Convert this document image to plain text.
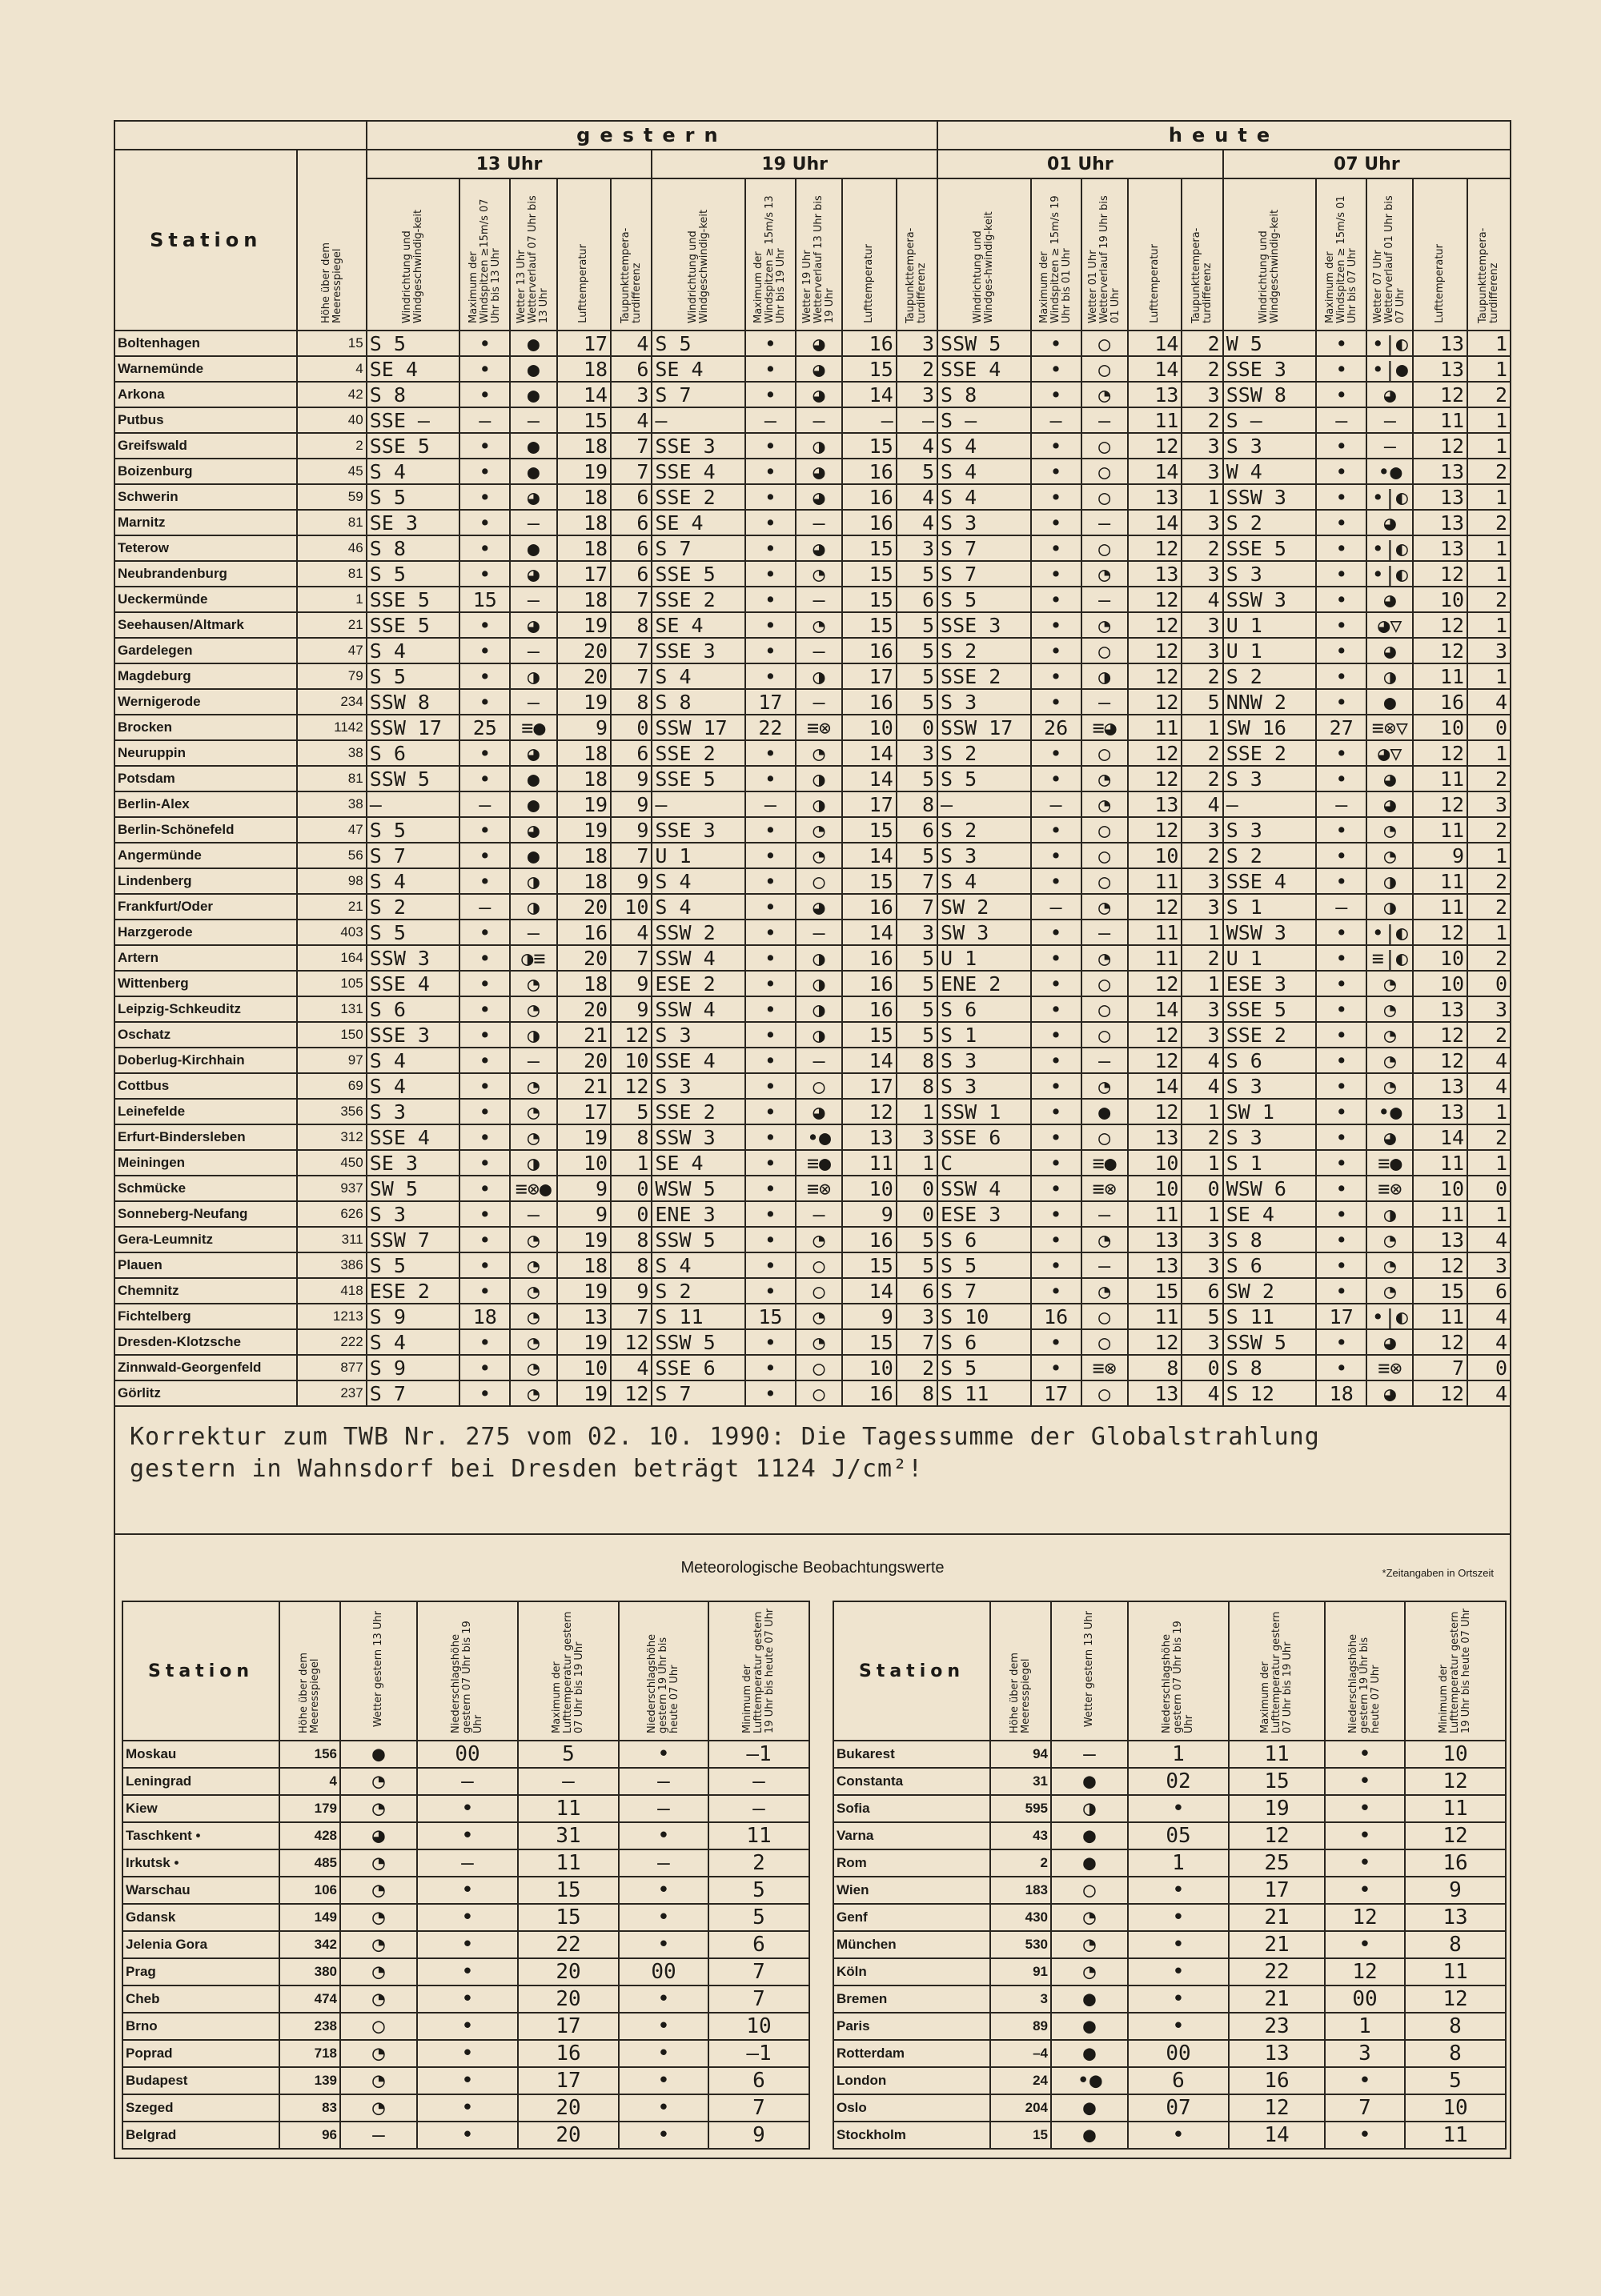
		gestern										heute									
Station	Höhe über dem Meeresspiegel	13 Uhr					19 Uhr					01 Uhr					07 Uhr				
		Windrichtung und Windgeschwindig-keit	Maximum der Windspitzen ≥15m/s 07 Uhr bis 13 Uhr	Wetter 13 Uhr Wetterverlauf 07 Uhr bis 13 Uhr	Lufttemperatur	Taupunkttempera-turdifferenz	Windrichtung und Windgeschwindig-keit	Maximum der Windspitzen ≥ 15m/s 13 Uhr bis 19 Uhr	Wetter 19 Uhr Wetterverlauf 13 Uhr bis 19 Uhr	Lufttemperatur	Taupunkttempera-turdifferenz	Windrichtung und Windges-hwindig-keit	Maximum der Windspitzen ≥ 15m/s 19 Uhr bis 01 Uhr	Wetter 01 Uhr Wetterverlauf 19 Uhr bis 01 Uhr	Lufttemperatur	Taupunkttempera-turdifferenz	Windrichtung und Windgeschwindig-keit	Maximum der Windspitzen ≥ 15m/s 01 Uhr bis 07 Uhr	Wetter 07 Uhr Wetterverlauf 01 Uhr bis 07 Uhr	Lufttemperatur	Taupunkttempera-turdifferenz
Boltenhagen	15	S 5	•	●	17	4	S 5	•	◕	16	3	SSW 5	•	○	14	2	W 5	•	•|◐	13	1
Warnemünde	4	SE 4	•	●	18	6	SE 4	•	◕	15	2	SSE 4	•	○	14	2	SSE 3	•	•|●	13	1
Arkona	42	S 8	•	●	14	3	S 7	•	◕	14	3	S 8	•	◔	13	3	SSW 8	•	◕	12	2
Putbus	40	SSE –	–	–	15	4	–	–	–	–	–	S –	–	–	11	2	S –	–	–	11	1
Greifswald	2	SSE 5	•	●	18	7	SSE 3	•	◑	15	4	S 4	•	○	12	3	S 3	•	–	12	1
Boizenburg	45	S 4	•	●	19	7	SSE 4	•	◕	16	5	S 4	•	○	14	3	W 4	•	•●	13	2
Schwerin	59	S 5	•	◕	18	6	SSE 2	•	◕	16	4	S 4	•	○	13	1	SSW 3	•	•|◐	13	1
Marnitz	81	SE 3	•	–	18	6	SE 4	•	–	16	4	S 3	•	–	14	3	S 2	•	◕	13	2
Teterow	46	S 8	•	●	18	6	S 7	•	◕	15	3	S 7	•	○	12	2	SSE 5	•	•|◐	13	1
Neubrandenburg	81	S 5	•	◕	17	6	SSE 5	•	◔	15	5	S 7	•	◔	13	3	S 3	•	•|◐	12	1
Ueckermünde	1	SSE 5	15	–	18	7	SSE 2	•	–	15	6	S 5	•	–	12	4	SSW 3	•	◕	10	2
Seehausen/Altmark	21	SSE 5	•	◕	19	8	SE 4	•	◔	15	5	SSE 3	•	◔	12	3	U 1	•	◕▽	12	1
Gardelegen	47	S 4	•	–	20	7	SSE 3	•	–	16	5	S 2	•	○	12	3	U 1	•	◕	12	3
Magdeburg	79	S 5	•	◑	20	7	S 4	•	◑	17	5	SSE 2	•	◑	12	2	S 2	•	◑	11	1
Wernigerode	234	SSW 8	•	–	19	8	S 8	17	–	16	5	S 3	•	–	12	5	NNW 2	•	●	16	4
Brocken	1142	SSW 17	25	≡●	9	0	SSW 17	22	≡⊗	10	0	SSW 17	26	≡◕	11	1	SW 16	27	≡⊗▽	10	0
Neuruppin	38	S 6	•	◕	18	6	SSE 2	•	◔	14	3	S 2	•	○	12	2	SSE 2	•	◕▽	12	1
Potsdam	81	SSW 5	•	●	18	9	SSE 5	•	◑	14	5	S 5	•	◔	12	2	S 3	•	◕	11	2
Berlin-Alex	38	–	–	●	19	9	–	–	◑	17	8	–	–	◔	13	4	–	–	◕	12	3
Berlin-Schönefeld	47	S 5	•	◕	19	9	SSE 3	•	◔	15	6	S 2	•	○	12	3	S 3	•	◔	11	2
Angermünde	56	S 7	•	●	18	7	U 1	•	◔	14	5	S 3	•	○	10	2	S 2	•	◔	9	1
Lindenberg	98	S 4	•	◑	18	9	S 4	•	○	15	7	S 4	•	○	11	3	SSE 4	•	◑	11	2
Frankfurt/Oder	21	S 2	–	◑	20	10	S 4	•	◕	16	7	SW 2	–	◔	12	3	S 1	–	◑	11	2
Harzgerode	403	S 5	•	–	16	4	SSW 2	•	–	14	3	SW 3	•	–	11	1	WSW 3	•	•|◐	12	1
Artern	164	SSW 3	•	◑≡	20	7	SSW 4	•	◑	16	5	U 1	•	◔	11	2	U 1	•	≡|◐	10	2
Wittenberg	105	SSE 4	•	◔	18	9	ESE 2	•	◑	16	5	ENE 2	•	○	12	1	ESE 3	•	◔	10	0
Leipzig-Schkeuditz	131	S 6	•	◔	20	9	SSW 4	•	◑	16	5	S 6	•	○	14	3	SSE 5	•	◔	13	3
Oschatz	150	SSE 3	•	◑	21	12	S 3	•	◑	15	5	S 1	•	○	12	3	SSE 2	•	◔	12	2
Doberlug-Kirchhain	97	S 4	•	–	20	10	SSE 4	•	–	14	8	S 3	•	–	12	4	S 6	•	◔	12	4
Cottbus	69	S 4	•	◔	21	12	S 3	•	○	17	8	S 3	•	◔	14	4	S 3	•	◔	13	4
Leinefelde	356	S 3	•	◔	17	5	SSE 2	•	◕	12	1	SSW 1	•	●	12	1	SW 1	•	•●	13	1
Erfurt-Bindersleben	312	SSE 4	•	◔	19	8	SSW 3	•	•●	13	3	SSE 6	•	○	13	2	S 3	•	◕	14	2
Meiningen	450	SE 3	•	◑	10	1	SE 4	•	≡●	11	1	C	•	≡●	10	1	S 1	•	≡●	11	1
Schmücke	937	SW 5	•	≡⊗●	9	0	WSW 5	•	≡⊗	10	0	SSW 4	•	≡⊗	10	0	WSW 6	•	≡⊗	10	0
Sonneberg-Neufang	626	S 3	•	–	9	0	ENE 3	•	–	9	0	ESE 3	•	–	11	1	SE 4	•	◑	11	1
Gera-Leumnitz	311	SSW 7	•	◔	19	8	SSW 5	•	◔	16	5	S 6	•	◔	13	3	S 8	•	◔	13	4
Plauen	386	S 5	•	◔	18	8	S 4	•	○	15	5	S 5	•	–	13	3	S 6	•	◔	12	3
Chemnitz	418	ESE 2	•	◔	19	9	S 2	•	○	14	6	S 7	•	◔	15	6	SW 2	•	◔	15	6
Fichtelberg	1213	S 9	18	◔	13	7	S 11	15	◔	9	3	S 10	16	○	11	5	S 11	17	•|◐	11	4
Dresden-Klotzsche	222	S 4	•	◔	19	12	SSW 5	•	◔	15	7	S 6	•	○	12	3	SSW 5	•	◕	12	4
Zinnwald-Georgenfeld	877	S 9	•	◔	10	4	SSE 6	•	○	10	2	S 5	•	≡⊗	8	0	S 8	•	≡⊗	7	0
Görlitz	237	S 7	•	◔	19	12	S 7	•	○	16	8	S 11	17	○	13	4	S 12	18	◕	12	4
Korrektur zum TWB Nr. 275 vom 02. 10. 1990: Die Tagessumme der Globalstrahlung
gestern in Wahnsdorf bei Dresden beträgt 1124 J/cm²!
Meteorologische Beobachtungswerte	*Zeitangaben in Ortszeit
Station	Höhe über dem Meeresspiegel	Wetter gestern 13 Uhr	Niederschlagshöhe gestern 07 Uhr bis 19 Uhr	Maximum der Lufttemperatur gestern 07 Uhr bis 19 Uhr	Niederschlagshöhe gestern 19 Uhr bis heute 07 Uhr	Minimum der Lufttemperatur gestern 19 Uhr bis heute 07 Uhr
Moskau	156	●	00	5	•	–1
Leningrad	4	◔	–	–	–	–
Kiew	179	◔	•	11	–	–
Taschkent •	428	◕	•	31	•	11
Irkutsk •	485	◔	–	11	–	2
Warschau	106	◔	•	15	•	5
Gdansk	149	◔	•	15	•	5
Jelenia Gora	342	◔	•	22	•	6
Prag	380	◔	•	20	00	7
Cheb	474	◔	•	20	•	7
Brno	238	○	•	17	•	10
Poprad	718	◔	•	16	•	–1
Budapest	139	◔	•	17	•	6
Szeged	83	◔	•	20	•	7
Belgrad	96	–	•	20	•	9
Station	Höhe über dem Meeresspiegel	Wetter gestern 13 Uhr	Niederschlagshöhe gestern 07 Uhr bis 19 Uhr	Maximum der Lufttemperatur gestern 07 Uhr bis 19 Uhr	Niederschlagshöhe gestern 19 Uhr bis heute 07 Uhr	Minimum der Lufttemperatur gestern 19 Uhr bis heute 07 Uhr
Bukarest	94	–	1	11	•	10
Constanta	31	●	02	15	•	12
Sofia	595	◑	•	19	•	11
Varna	43	●	05	12	•	12
Rom	2	●	1	25	•	16
Wien	183	○	•	17	•	9
Genf	430	◔	•	21	12	13
München	530	◔	•	21	•	8
Köln	91	◔	•	22	12	11
Bremen	3	●	•	21	00	12
Paris	89	●	•	23	1	8
Rotterdam	–4	●	00	13	3	8
London	24	•●	6	16	•	5
Oslo	204	●	07	12	7	10
Stockholm	15	●	•	14	•	11
